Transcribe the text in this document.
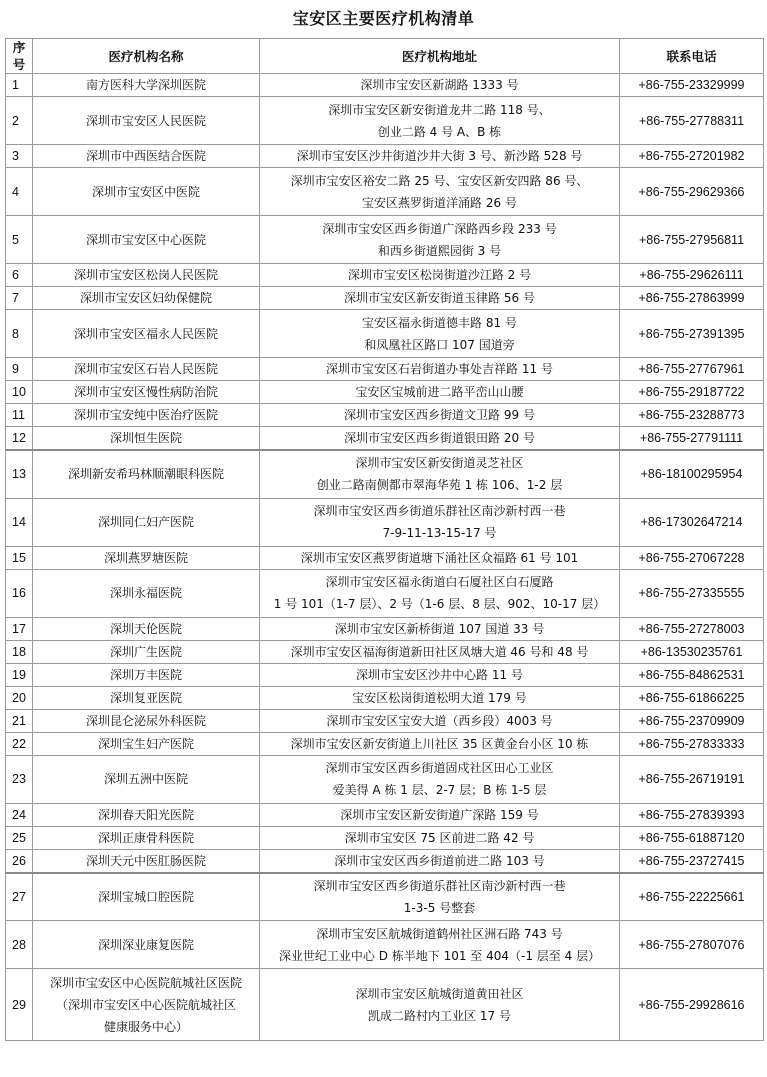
宝安区主要医疗机构清单
序号	医疗机构名称	医疗机构地址	联系电话
1	南方医科大学深圳医院	深圳市宝安区新湖路 1333 号	+86-755-23329999
2	深圳市宝安区人民医院	深圳市宝安区新安街道龙井二路 118 号、
创业二路 4 号 A、B 栋	+86-755-27788311
3	深圳市中西医结合医院	深圳市宝安区沙井街道沙井大街 3 号、新沙路 528 号	+86-755-27201982
4	深圳市宝安区中医院	深圳市宝安区裕安二路 25 号、宝安区新安四路 86 号、
宝安区燕罗街道洋涌路 26 号	+86-755-29629366
5	深圳市宝安区中心医院	深圳市宝安区西乡街道广深路西乡段 233 号
和西乡街道熙园街 3 号	+86-755-27956811
6	深圳市宝安区松岗人民医院	深圳市宝安区松岗街道沙江路 2 号	+86-755-29626111
7	深圳市宝安区妇幼保健院	深圳市宝安区新安街道玉律路 56 号	+86-755-27863999
8	深圳市宝安区福永人民医院	宝安区福永街道德丰路 81 号
和凤凰社区路口 107 国道旁	+86-755-27391395
9	深圳市宝安区石岩人民医院	深圳市宝安区石岩街道办事处吉祥路 11 号	+86-755-27767961
10	深圳市宝安区慢性病防治院	宝安区宝城前进二路平峦山山腰	+86-755-29187722
11	深圳市宝安纯中医治疗医院	深圳市宝安区西乡街道文卫路 99 号	+86-755-23288773
12	深圳恒生医院	深圳市宝安区西乡街道银田路 20 号	+86-755-27791111
13	深圳新安希玛林顺潮眼科医院	深圳市宝安区新安街道灵芝社区
创业二路南侧都市翠海华苑 1 栋 106、1-2 层	+86-18100295954
14	深圳同仁妇产医院	深圳市宝安区西乡街道乐群社区南沙新村西一巷
7-9-11-13-15-17 号	+86-17302647214
15	深圳燕罗塘医院	深圳市宝安区燕罗街道塘下涌社区众福路 61 号 101	+86-755-27067228
16	深圳永福医院	深圳市宝安区福永街道白石厦社区白石厦路
1 号 101（1-7 层）、2 号（1-6 层、8 层、902、10-17 层）	+86-755-27335555
17	深圳天伦医院	深圳市宝安区新桥街道 107 国道 33 号	+86-755-27278003
18	深圳广生医院	深圳市宝安区福海街道新田社区凤塘大道 46 号和 48 号	+86-13530235761
19	深圳万丰医院	深圳市宝安区沙井中心路 11 号	+86-755-84862531
20	深圳复亚医院	宝安区松岗街道松明大道 179 号	+86-755-61866225
21	深圳昆仑泌尿外科医院	深圳市宝安区宝安大道（西乡段）4003 号	+86-755-23709909
22	深圳宝生妇产医院	深圳市宝安区新安街道上川社区 35 区黄金台小区 10 栋	+86-755-27833333
23	深圳五洲中医院	深圳市宝安区西乡街道固戍社区田心工业区
爱美得 A 栋 1 层、2-7 层；B 栋 1-5 层	+86-755-26719191
24	深圳春天阳光医院	深圳市宝安区新安街道广深路 159 号	+86-755-27839393
25	深圳正康骨科医院	深圳市宝安区 75 区前进二路 42 号	+86-755-61887120
26	深圳天元中医肛肠医院	深圳市宝安区西乡街道前进二路 103 号	+86-755-23727415
27	深圳宝城口腔医院	深圳市宝安区西乡街道乐群社区南沙新村西一巷
1-3-5 号整套	+86-755-22225661
28	深圳深业康复医院	深圳市宝安区航城街道鹤州社区洲石路 743 号
深业世纪工业中心 D 栋半地下 101 至 404（-1 层至 4 层）	+86-755-27807076
29	深圳市宝安区中心医院航城社区医院
（深圳市宝安区中心医院航城社区
健康服务中心）	深圳市宝安区航城街道黄田社区
凯成二路村内工业区 17 号	+86-755-29928616
